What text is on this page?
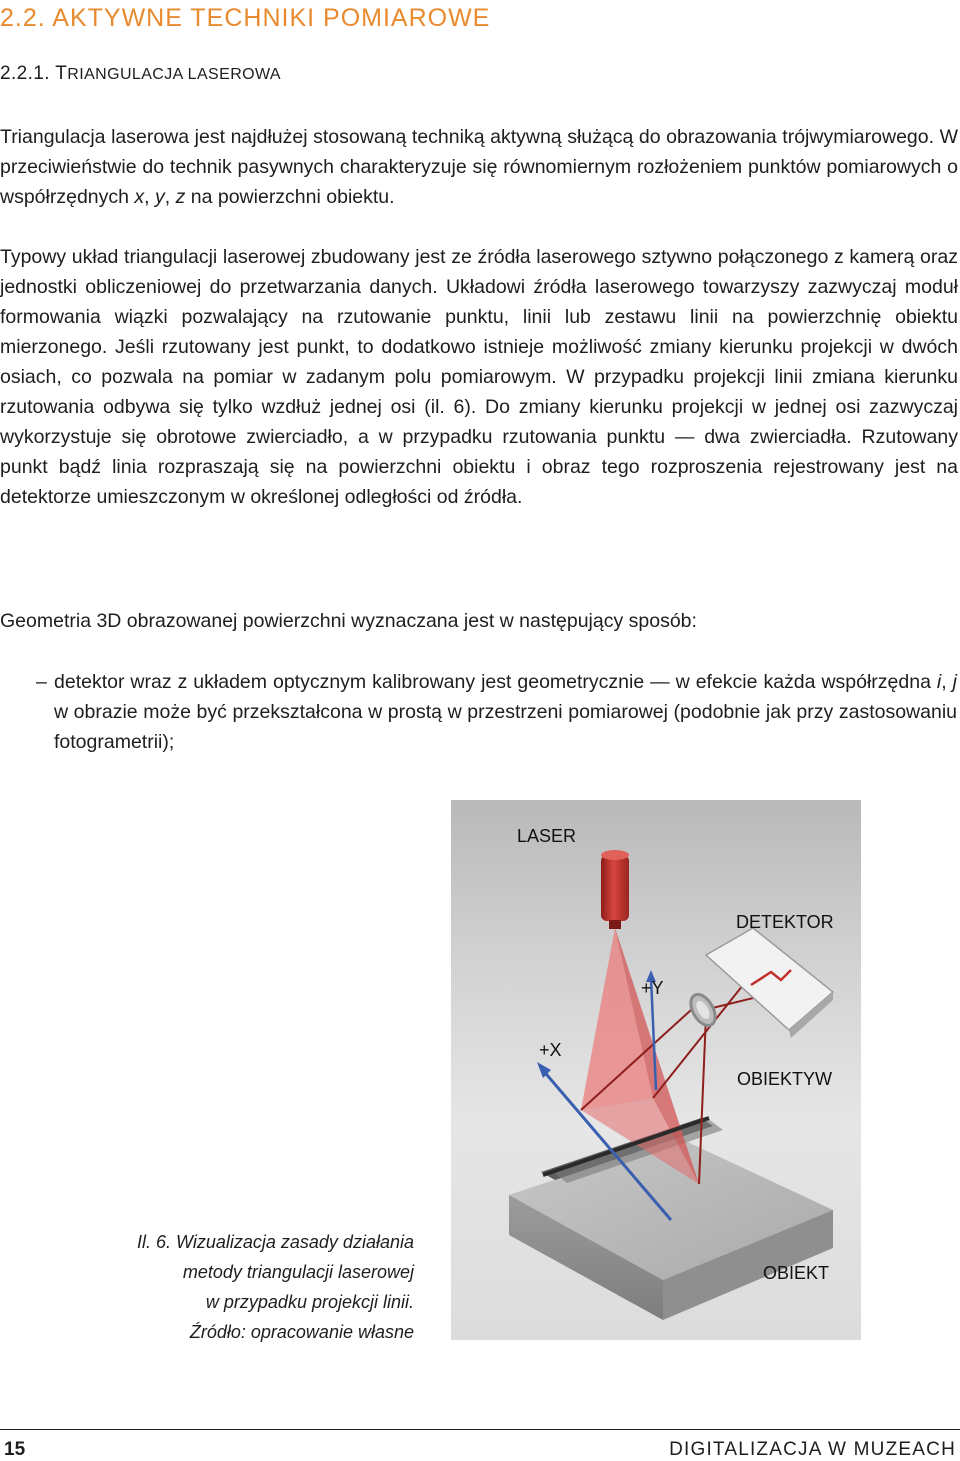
2.2. AKTYWNE TECHNIKI POMIAROWE
2.2.1. TRIANGULACJA LASEROWA

Triangulacja laserowa jest najdłużej stosowaną techniką aktywną służącą do obrazowania trójwymiarowego. W przeciwieństwie do technik pasywnych charakteryzuje się równomiernym rozłożeniem punktów pomiarowych o współrzędnych x, y, z na powierzchni obiektu.

Typowy układ triangulacji laserowej zbudowany jest ze źródła laserowego sztywno połączonego z kamerą oraz jednostki obliczeniowej do przetwarzania danych. Układowi źródła laserowego towarzyszy zazwyczaj moduł formowania wiązki pozwalający na rzutowanie punktu, linii lub zestawu linii na powierzchnię obiektu mierzonego. Jeśli rzutowany jest punkt, to dodatkowo istnieje możliwość zmiany kierunku projekcji w dwóch osiach, co pozwala na pomiar w zadanym polu pomiarowym. W przypadku projekcji linii zmiana kierunku rzutowania odbywa się tylko wzdłuż jednej osi (il. 6). Do zmiany kierunku projekcji w jednej osi zazwyczaj wykorzystuje się obrotowe zwierciadło, a w przypadku rzutowania punktu — dwa zwierciadła. Rzutowany punkt bądź linia rozpraszają się na powierzchni obiektu i obraz tego rozproszenia rejestrowany jest na detektorze umieszczonym w określonej odległości od źródła.

Geometria 3D obrazowanej powierzchni wyznaczana jest w następujący sposób:

– detektor wraz z układem optycznym kalibrowany jest geometrycznie — w efekcie każda współrzędna i, j w obrazie może być przekształcona w prostą w przestrzeni pomiarowej (podobnie jak przy zastosowaniu fotogrametrii);
LASER
DETEKTOR
+Y
+X
OBIEKTYW
OBIEKT
Il. 6. Wizualizacja zasady działania
metody triangulacji laserowej
w przypadku projekcji linii.
Źródło: opracowanie własne
15	DIGITALIZACJA W MUZEACH
